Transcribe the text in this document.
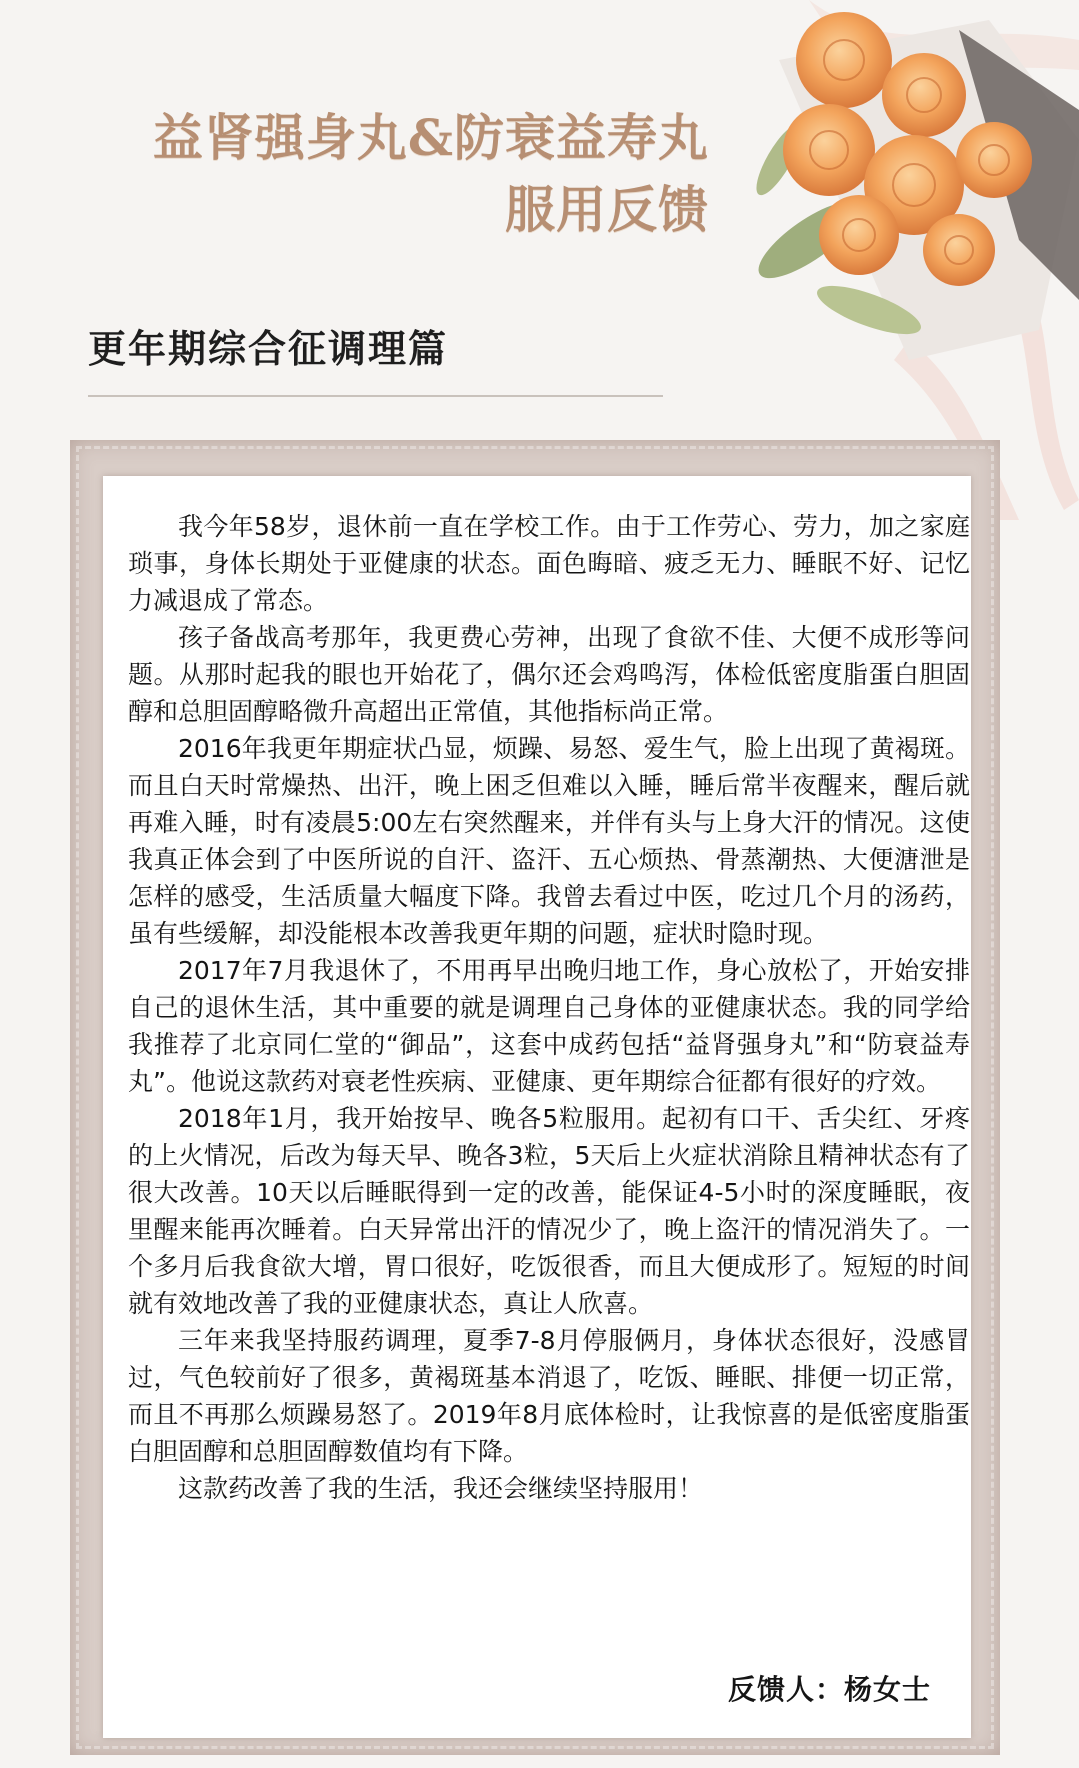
益肾强身丸&防衰益寿丸
服用反馈
更年期综合征调理篇

我今年58岁，退休前一直在学校工作。由于工作劳心、劳力，加之家庭琐事，身体长期处于亚健康的状态。面色晦暗、疲乏无力、睡眠不好、记忆力减退成了常态。

孩子备战高考那年，我更费心劳神，出现了食欲不佳、大便不成形等问题。从那时起我的眼也开始花了，偶尔还会鸡鸣泻，体检低密度脂蛋白胆固醇和总胆固醇略微升高超出正常值，其他指标尚正常。

2016年我更年期症状凸显，烦躁、易怒、爱生气，脸上出现了黄褐斑。而且白天时常燥热、出汗，晚上困乏但难以入睡，睡后常半夜醒来，醒后就再难入睡，时有凌晨5:00左右突然醒来，并伴有头与上身大汗的情况。这使我真正体会到了中医所说的自汗、盗汗、五心烦热、骨蒸潮热、大便溏泄是怎样的感受，生活质量大幅度下降。我曾去看过中医，吃过几个月的汤药，虽有些缓解，却没能根本改善我更年期的问题，症状时隐时现。

2017年7月我退休了，不用再早出晚归地工作，身心放松了，开始安排自己的退休生活，其中重要的就是调理自己身体的亚健康状态。我的同学给我推荐了北京同仁堂的“御品”，这套中成药包括“益肾强身丸”和“防衰益寿丸”。他说这款药对衰老性疾病、亚健康、更年期综合征都有很好的疗效。

2018年1月，我开始按早、晚各5粒服用。起初有口干、舌尖红、牙疼的上火情况，后改为每天早、晚各3粒，5天后上火症状消除且精神状态有了很大改善。10天以后睡眠得到一定的改善，能保证4-5小时的深度睡眠，夜里醒来能再次睡着。白天异常出汗的情况少了，晚上盗汗的情况消失了。一个多月后我食欲大增，胃口很好，吃饭很香，而且大便成形了。短短的时间就有效地改善了我的亚健康状态，真让人欣喜。

三年来我坚持服药调理，夏季7-8月停服俩月，身体状态很好，没感冒过，气色较前好了很多，黄褐斑基本消退了，吃饭、睡眠、排便一切正常，而且不再那么烦躁易怒了。2019年8月底体检时，让我惊喜的是低密度脂蛋白胆固醇和总胆固醇数值均有下降。

这款药改善了我的生活，我还会继续坚持服用！

反馈人：杨女士
